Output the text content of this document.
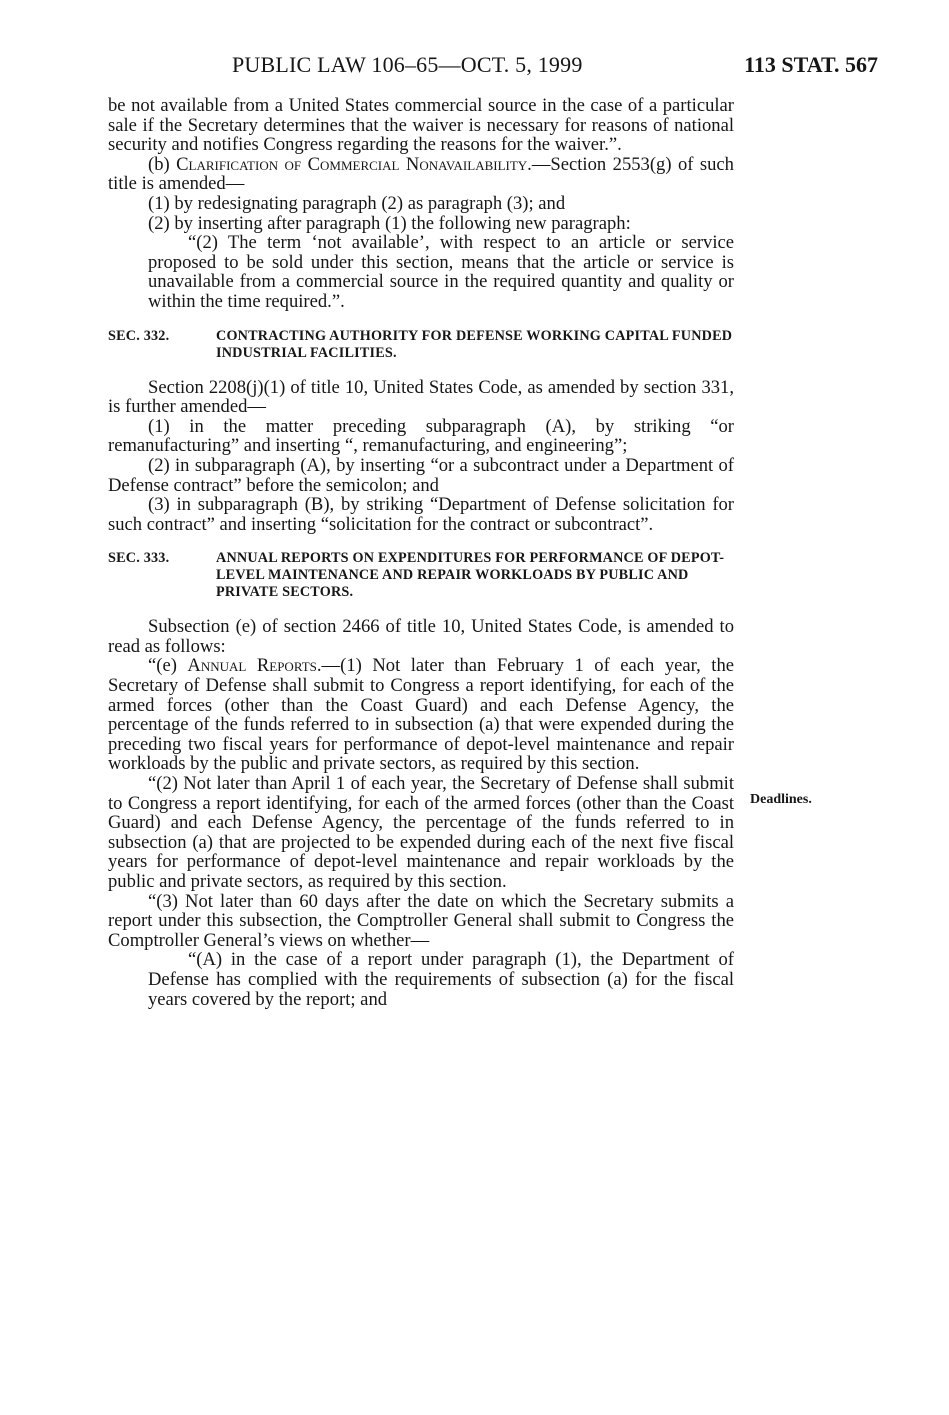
PUBLIC LAW 106–65—OCT. 5, 1999	113 STAT. 567
Deadlines.

be not available from a United States commercial source in the case of a particular sale if the Secretary determines that the waiver is necessary for reasons of national security and notifies Congress regarding the reasons for the waiver.”.

(b) Clarification of Commercial Nonavailability.—Section 2553(g) of such title is amended—

(1) by redesignating paragraph (2) as paragraph (3); and

(2) by inserting after paragraph (1) the following new paragraph:

“(2) The term ‘not available’, with respect to an article or service proposed to be sold under this section, means that the article or service is unavailable from a commercial source in the required quantity and quality or within the time required.”.

SEC. 332.	CONTRACTING AUTHORITY FOR DEFENSE WORKING CAPITAL FUNDED INDUSTRIAL FACILITIES.

Section 2208(j)(1) of title 10, United States Code, as amended by section 331, is further amended—

(1) in the matter preceding subparagraph (A), by striking “or remanufacturing” and inserting “, remanufacturing, and engineering”;

(2) in subparagraph (A), by inserting “or a subcontract under a Department of Defense contract” before the semicolon; and

(3) in subparagraph (B), by striking “Department of Defense solicitation for such contract” and inserting “solicitation for the contract or subcontract”.

SEC. 333.	ANNUAL REPORTS ON EXPENDITURES FOR PERFORMANCE OF DEPOT-LEVEL MAINTENANCE AND REPAIR WORKLOADS BY PUBLIC AND PRIVATE SECTORS.

Subsection (e) of section 2466 of title 10, United States Code, is amended to read as follows:

“(e) Annual Reports.—(1) Not later than February 1 of each year, the Secretary of Defense shall submit to Congress a report identifying, for each of the armed forces (other than the Coast Guard) and each Defense Agency, the percentage of the funds referred to in subsection (a) that were expended during the preceding two fiscal years for performance of depot-level maintenance and repair workloads by the public and private sectors, as required by this section.

“(2) Not later than April 1 of each year, the Secretary of Defense shall submit to Congress a report identifying, for each of the armed forces (other than the Coast Guard) and each Defense Agency, the percentage of the funds referred to in subsection (a) that are projected to be expended during each of the next five fiscal years for performance of depot-level maintenance and repair workloads by the public and private sectors, as required by this section.

“(3) Not later than 60 days after the date on which the Secretary submits a report under this subsection, the Comptroller General shall submit to Congress the Comptroller General’s views on whether—

“(A) in the case of a report under paragraph (1), the Department of Defense has complied with the requirements of subsection (a) for the fiscal years covered by the report; and
